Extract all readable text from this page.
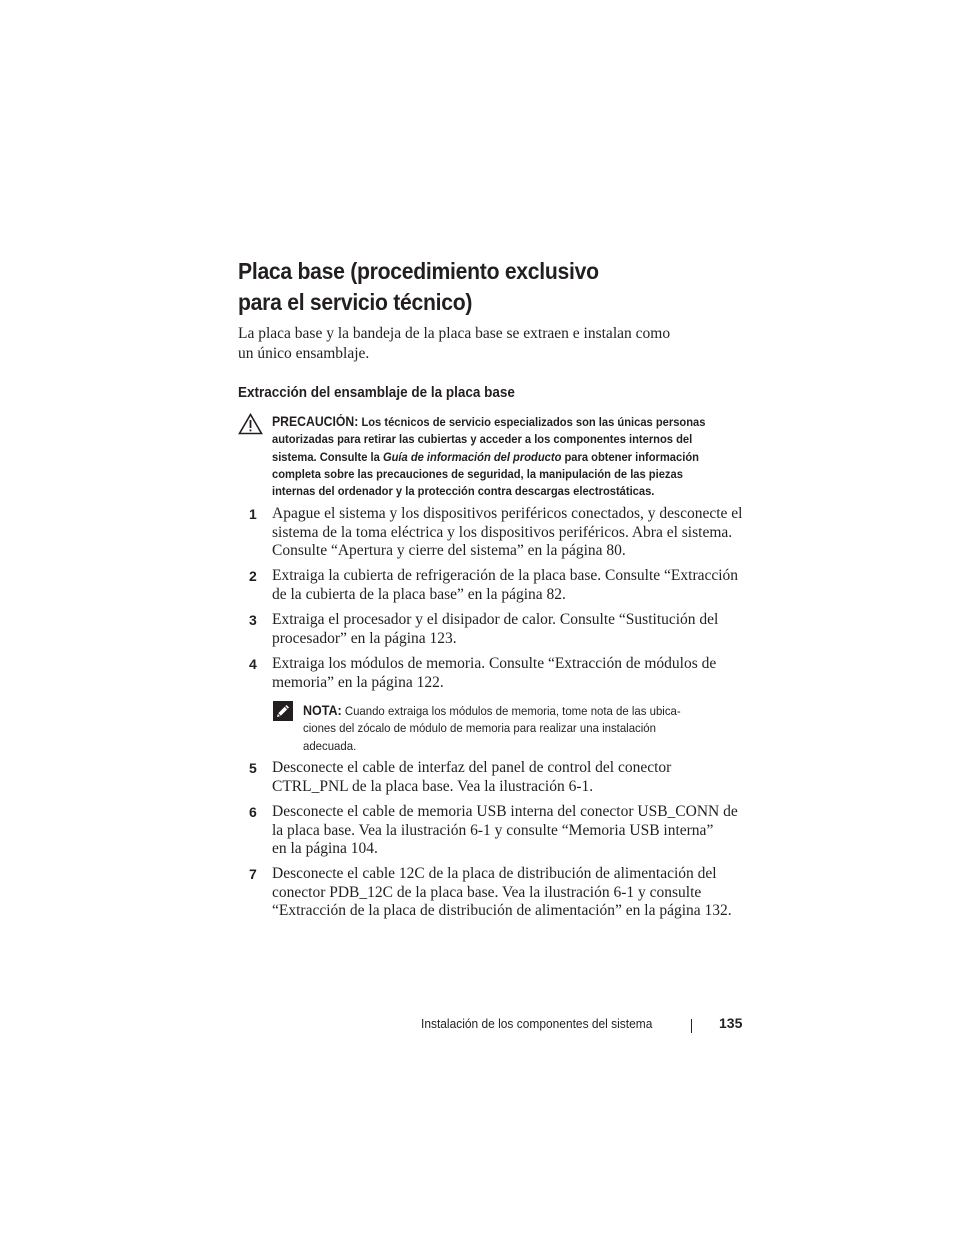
Placa base (procedimiento exclusivo
para el servicio técnico)

La placa base y la bandeja de la placa base se extraen e instalan como
un único ensamblaje.

Extracción del ensamblaje de la placa base
PRECAUCIÓN: Los técnicos de servicio especializados son las únicas personas
autorizadas para retirar las cubiertas y acceder a los componentes internos del
sistema. Consulte la Guía de información del producto para obtener información
completa sobre las precauciones de seguridad, la manipulación de las piezas
internas del ordenador y la protección contra descargas electrostáticas.
1 Apague el sistema y los dispositivos periféricos conectados, y desconecte el
sistema de la toma eléctrica y los dispositivos periféricos. Abra el sistema.
Consulte “Apertura y cierre del sistema” en la página 80.
2 Extraiga la cubierta de refrigeración de la placa base. Consulte “Extracción
de la cubierta de la placa base” en la página 82.
3 Extraiga el procesador y el disipador de calor. Consulte “Sustitución del
procesador” en la página 123.
4 Extraiga los módulos de memoria. Consulte “Extracción de módulos de
memoria” en la página 122.
5 Desconecte el cable de interfaz del panel de control del conector
CTRL_PNL de la placa base. Vea la ilustración 6-1.
6 Desconecte el cable de memoria USB interna del conector USB_CONN de
la placa base. Vea la ilustración 6-1 y consulte “Memoria USB interna”
en la página 104.
7 Desconecte el cable 12C de la placa de distribución de alimentación del
conector PDB_12C de la placa base. Vea la ilustración 6-1 y consulte
“Extracción de la placa de distribución de alimentación” en la página 132.
NOTA: Cuando extraiga los módulos de memoria, tome nota de las ubica-
ciones del zócalo de módulo de memoria para realizar una instalación
adecuada.
Instalación de los componentes del sistema	135
